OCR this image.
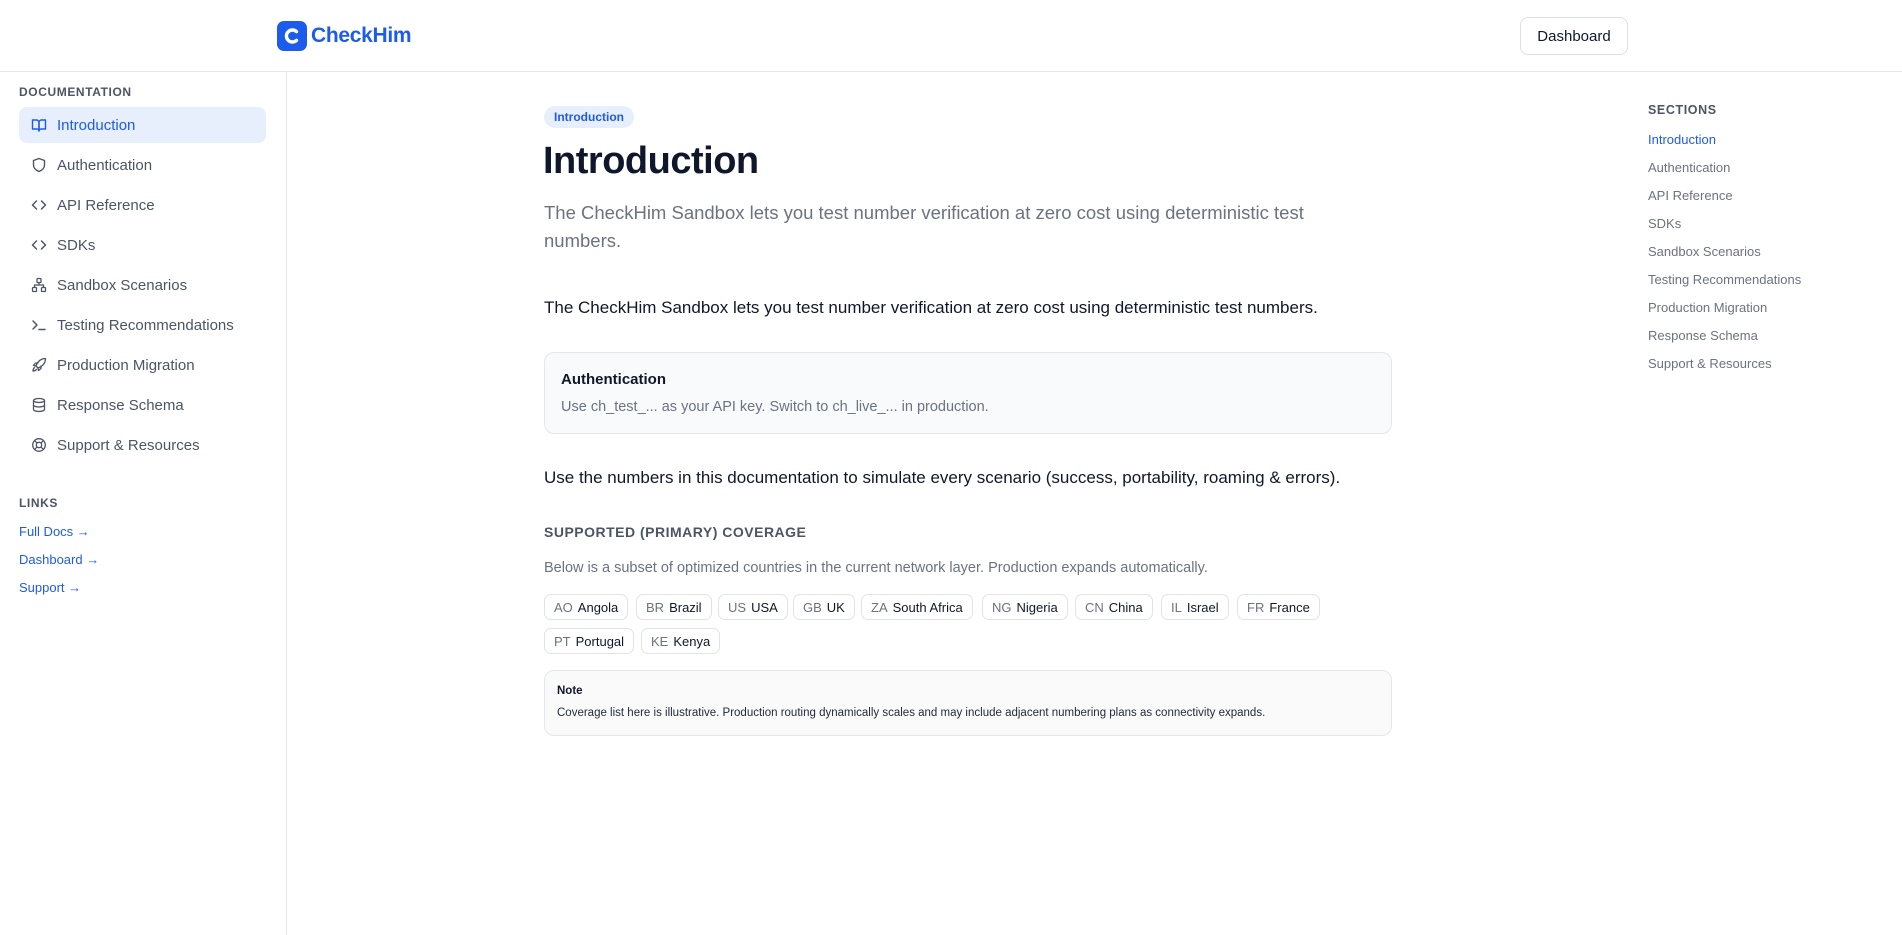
CheckHim	Dashboard
DOCUMENTATION
Introduction
Authentication
API Reference
SDKs
Sandbox Scenarios
Testing Recommendations
Production Migration
Response Schema
Support & Resources
LINKS
Full Docs →
Dashboard →
Support →
Introduction
Introduction

The CheckHim Sandbox lets you test number verification at zero cost using deterministic test numbers.

The CheckHim Sandbox lets you test number verification at zero cost using deterministic test numbers.

Authentication
Use ch_test_... as your API key. Switch to ch_live_... in production.

Use the numbers in this documentation to simulate every scenario (success, portability, roaming & errors).

SUPPORTED (PRIMARY) COVERAGE
Below is a subset of optimized countries in the current network layer. Production expands automatically.
AO Angola BR Brazil US USA GB UK ZA South Africa NG Nigeria CN China IL Israel FR France
PT Portugal KE Kenya
Note
Coverage list here is illustrative. Production routing dynamically scales and may include adjacent numbering plans as connectivity expands.
SECTIONS
Introduction
Authentication
API Reference
SDKs
Sandbox Scenarios
Testing Recommendations
Production Migration
Response Schema
Support & Resources
